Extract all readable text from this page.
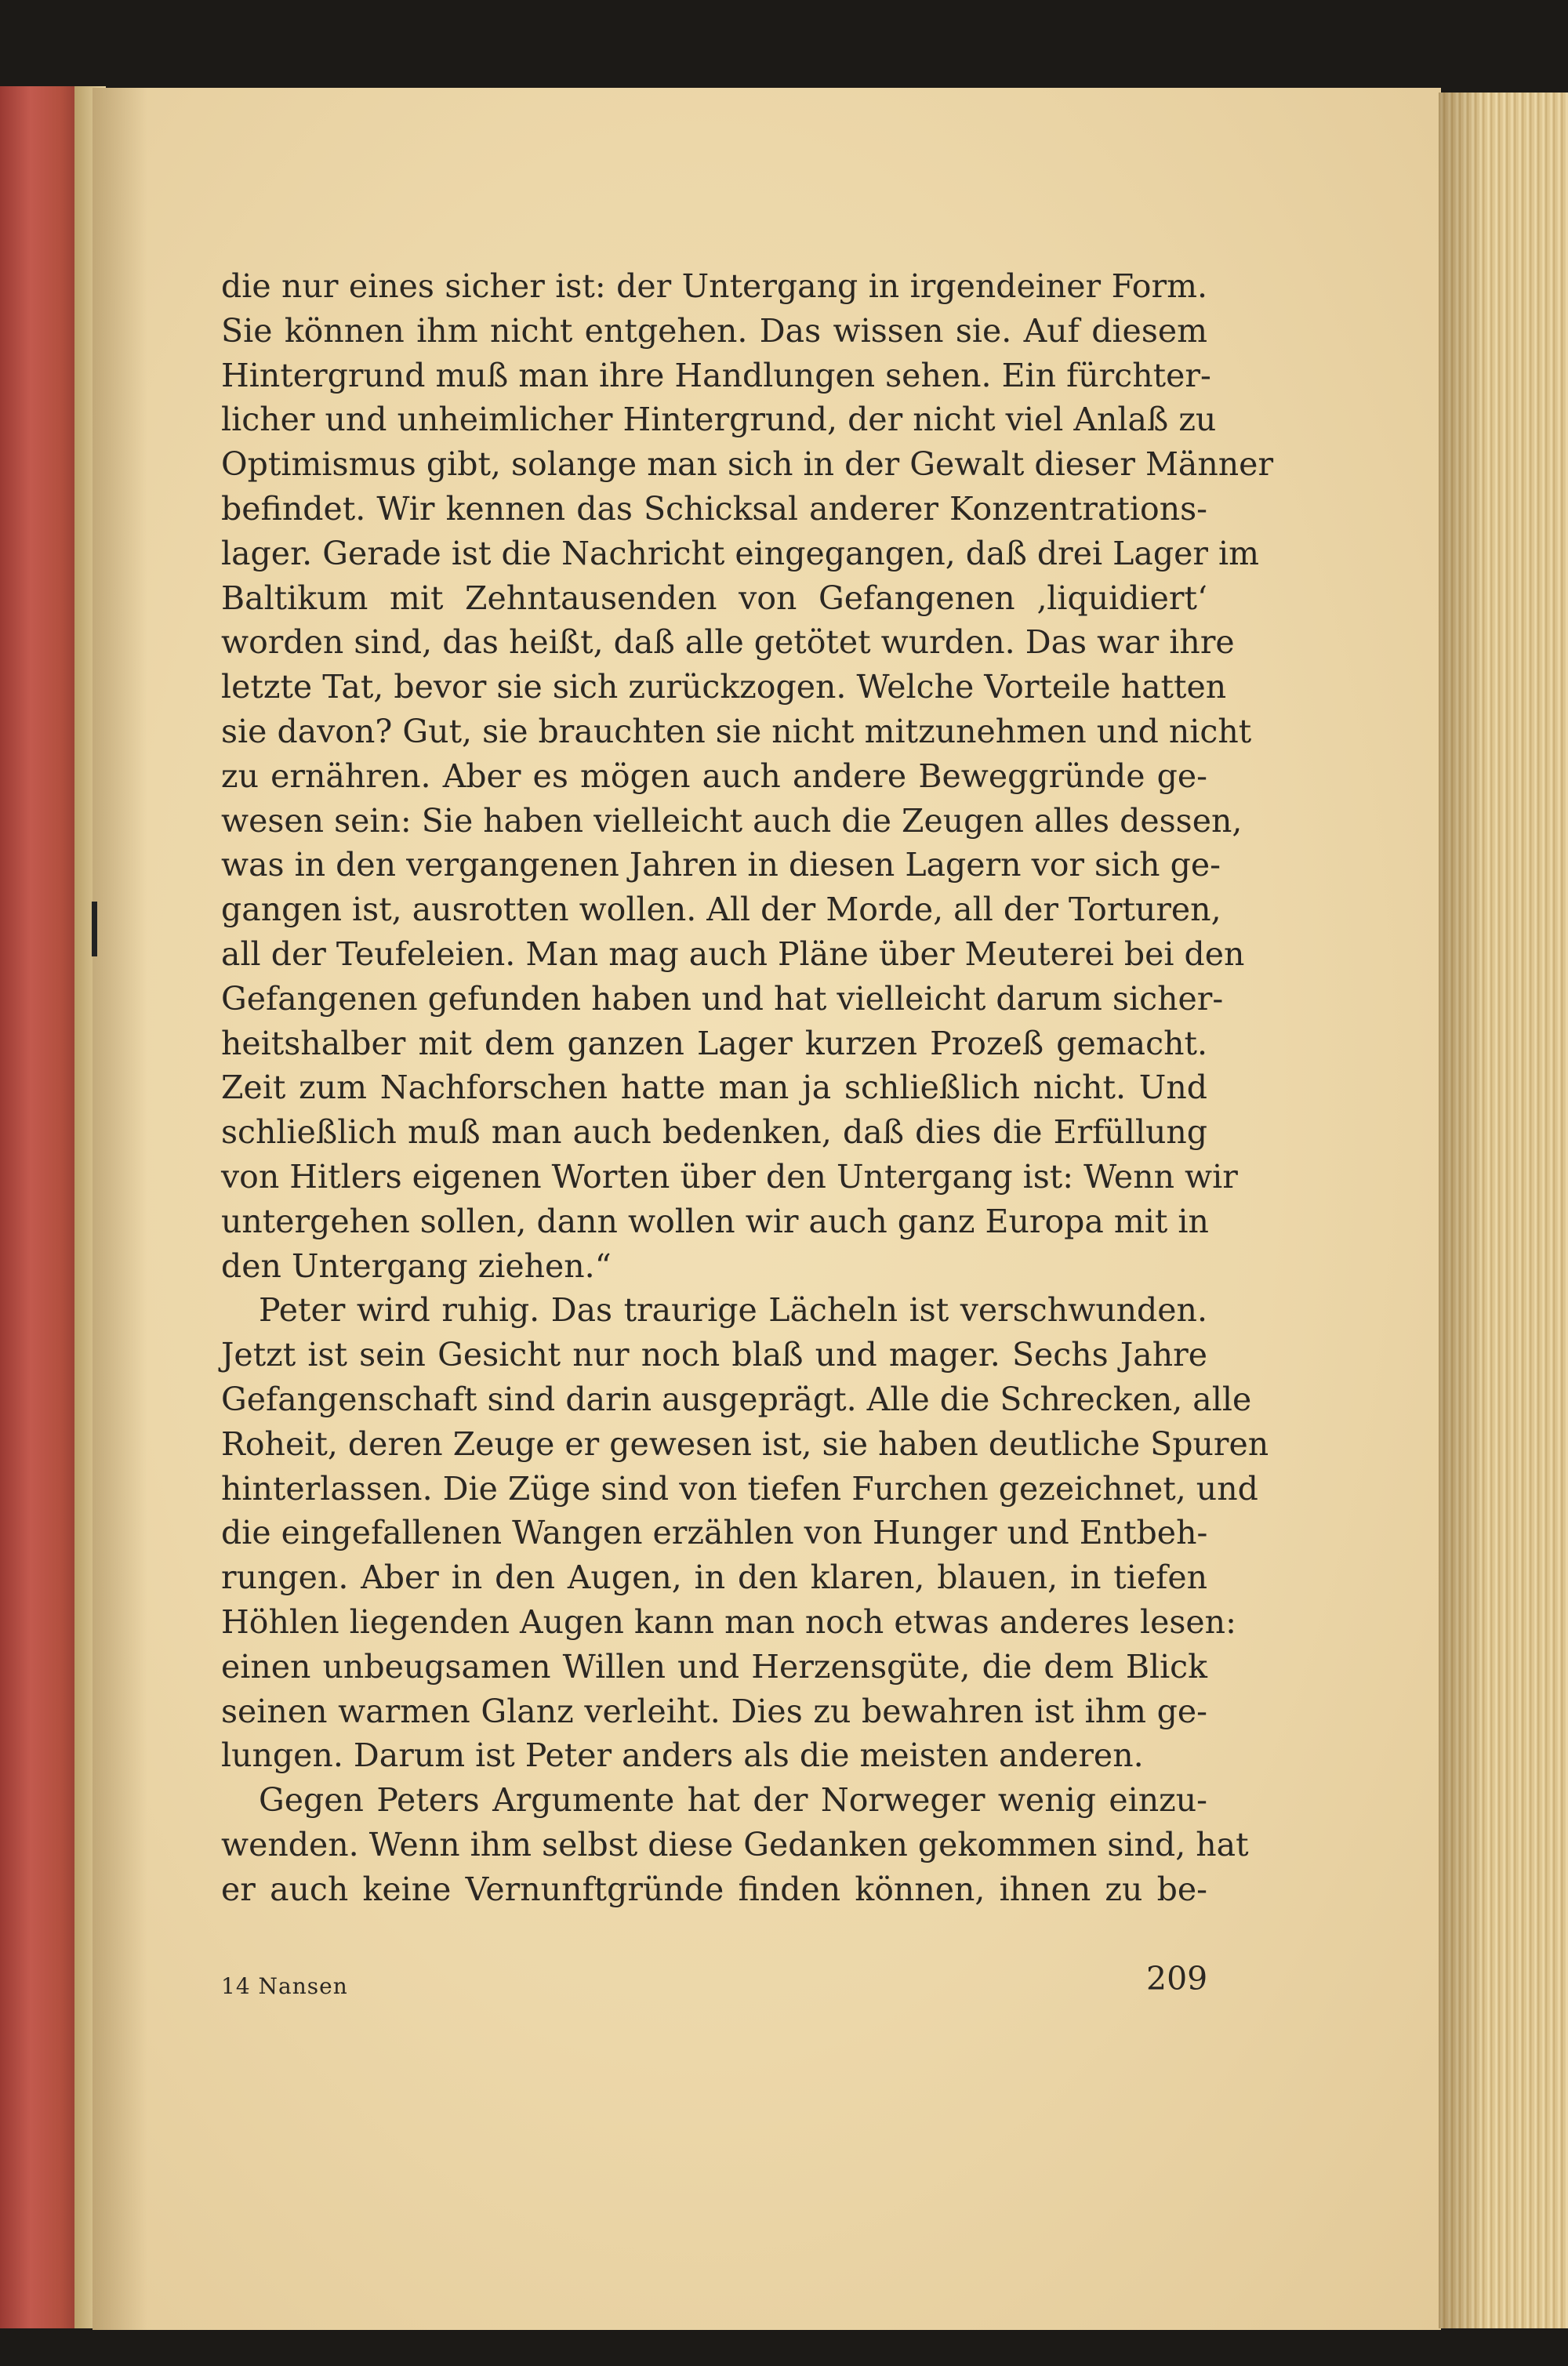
die nur eines sicher ist: der Untergang in irgendeiner Form.
Sie können ihm nicht entgehen. Das wissen sie. Auf diesem
Hintergrund muß man ihre Handlungen sehen. Ein fürchter-
licher und unheimlicher Hintergrund, der nicht viel Anlaß zu
Optimismus gibt, solange man sich in der Gewalt dieser Männer
befindet. Wir kennen das Schicksal anderer Konzentrations-
lager. Gerade ist die Nachricht eingegangen, daß drei Lager im
Baltikum mit Zehntausenden von Gefangenen ‚liquidiert‘
worden sind, das heißt, daß alle getötet wurden. Das war ihre
letzte Tat, bevor sie sich zurückzogen. Welche Vorteile hatten
sie davon? Gut, sie brauchten sie nicht mitzunehmen und nicht
zu ernähren. Aber es mögen auch andere Beweggründe ge-
wesen sein: Sie haben vielleicht auch die Zeugen alles dessen,
was in den vergangenen Jahren in diesen Lagern vor sich ge-
gangen ist, ausrotten wollen. All der Morde, all der Torturen,
all der Teufeleien. Man mag auch Pläne über Meuterei bei den
Gefangenen gefunden haben und hat vielleicht darum sicher-
heitshalber mit dem ganzen Lager kurzen Prozeß gemacht.
Zeit zum Nachforschen hatte man ja schließlich nicht. Und
schließlich muß man auch bedenken, daß dies die Erfüllung
von Hitlers eigenen Worten über den Untergang ist: Wenn wir
untergehen sollen, dann wollen wir auch ganz Europa mit in
den Untergang ziehen.“
Peter wird ruhig. Das traurige Lächeln ist verschwunden.
Jetzt ist sein Gesicht nur noch blaß und mager. Sechs Jahre
Gefangenschaft sind darin ausgeprägt. Alle die Schrecken, alle
Roheit, deren Zeuge er gewesen ist, sie haben deutliche Spuren
hinterlassen. Die Züge sind von tiefen Furchen gezeichnet, und
die eingefallenen Wangen erzählen von Hunger und Entbeh-
rungen. Aber in den Augen, in den klaren, blauen, in tiefen
Höhlen liegenden Augen kann man noch etwas anderes lesen:
einen unbeugsamen Willen und Herzensgüte, die dem Blick
seinen warmen Glanz verleiht. Dies zu bewahren ist ihm ge-
lungen. Darum ist Peter anders als die meisten anderen.
Gegen Peters Argumente hat der Norweger wenig einzu-
wenden. Wenn ihm selbst diese Gedanken gekommen sind, hat
er auch keine Vernunftgründe finden können, ihnen zu be-
14 Nansen	209
